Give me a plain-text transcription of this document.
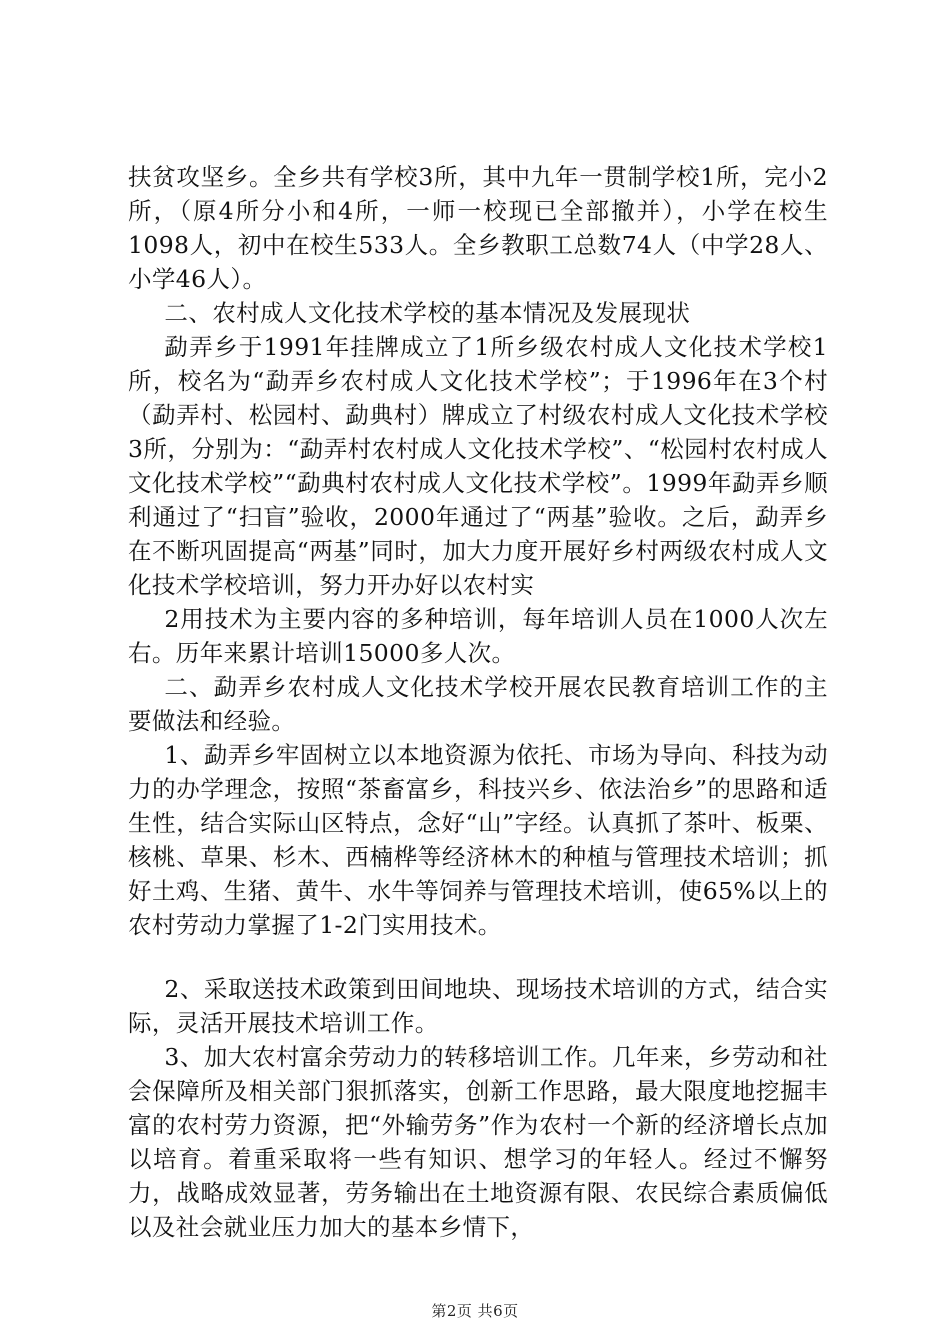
扶贫攻坚乡。全乡共有学校3所，其中九年一贯制学校1所，完小2所，（原4所分小和4所，一师一校现已全部撤并），小学在校生1098人，初中在校生533人。全乡教职工总数74人（中学28人、小学46人）。

二、农村成人文化技术学校的基本情况及发展现状

勐弄乡于1991年挂牌成立了1所乡级农村成人文化技术学校1所，校名为“勐弄乡农村成人文化技术学校”；于1996年在3个村（勐弄村、松园村、勐典村）牌成立了村级农村成人文化技术学校3所，分别为：“勐弄村农村成人文化技术学校”、“松园村农村成人文化技术学校”“勐典村农村成人文化技术学校”。1999年勐弄乡顺利通过了“扫盲”验收，2000年通过了“两基”验收。之后，勐弄乡在不断巩固提高“两基”同时，加大力度开展好乡村两级农村成人文化技术学校培训，努力开办好以农村实

2用技术为主要内容的多种培训，每年培训人员在1000人次左右。历年来累计培训15000多人次。

二、勐弄乡农村成人文化技术学校开展农民教育培训工作的主要做法和经验。

1、勐弄乡牢固树立以本地资源为依托、市场为导向、科技为动力的办学理念，按照“茶畜富乡，科技兴乡、依法治乡”的思路和适生性，结合实际山区特点，念好“山”字经。认真抓了茶叶、板栗、核桃、草果、杉木、西楠桦等经济林木的种植与管理技术培训；抓好土鸡、生猪、黄牛、水牛等饲养与管理技术培训，使65%以上的农村劳动力掌握了1-2门实用技术。

2、采取送技术政策到田间地块、现场技术培训的方式，结合实际，灵活开展技术培训工作。

3、加大农村富余劳动力的转移培训工作。几年来，乡劳动和社会保障所及相关部门狠抓落实，创新工作思路，最大限度地挖掘丰富的农村劳力资源，把“外输劳务”作为农村一个新的经济增长点加以培育。着重采取将一些有知识、想学习的年轻人。经过不懈努力，战略成效显著，劳务输出在土地资源有限、农民综合素质偏低以及社会就业压力加大的基本乡情下，

第2页 共6页
